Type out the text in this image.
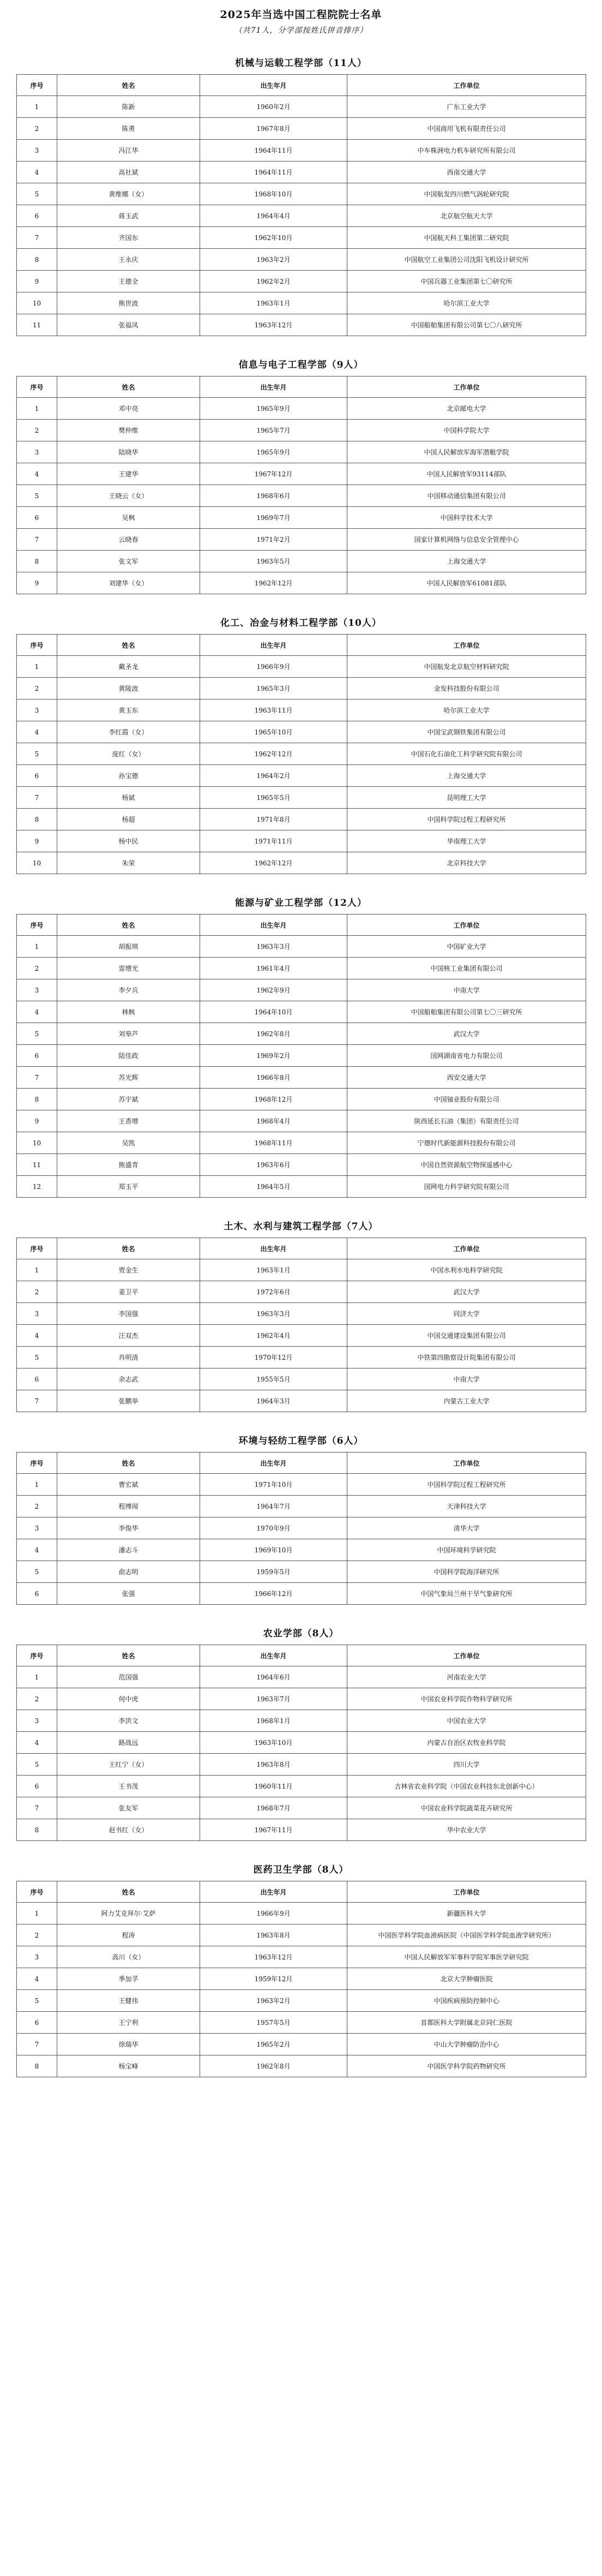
2025年当选中国工程院院士名单
（共71人，分学部按姓氏拼音排序）
机械与运载工程学部（11人）
序号	姓名	出生年月	工作单位
1	陈新	1960年2月	广东工业大学
2	陈勇	1967年8月	中国商用飞机有限责任公司
3	冯江华	1964年11月	中车株洲电力机车研究所有限公司
4	高社斌	1964年11月	西南交通大学
5	黄维娜（女）	1968年10月	中国航发四川燃气涡轮研究院
6	蒋玉武	1964年4月	北京航空航天大学
7	齐国东	1962年10月	中国航天科工集团第二研究院
8	王永庆	1963年2月	中国航空工业集团公司沈阳飞机设计研究所
9	王德全	1962年2月	中国兵器工业集团第七〇研究所
10	熊世波	1963年1月	哈尔滨工业大学
11	张福凤	1963年12月	中国船舶集团有限公司第七〇八研究所
信息与电子工程学部（9人）
序号	姓名	出生年月	工作单位
1	邓中亮	1965年9月	北京邮电大学
2	樊仲维	1965年7月	中国科学院大学
3	陆晓华	1965年9月	中国人民解放军海军潜艇学院
4	王建华	1967年12月	中国人民解放军93114部队
5	王晓云（女）	1968年6月	中国移动通信集团有限公司
6	吴枫	1969年7月	中国科学技术大学
7	云晓春	1971年2月	国家计算机网络与信息安全管理中心
8	张文军	1963年5月	上海交通大学
9	刘建华（女）	1962年12月	中国人民解放军61081部队
化工、冶金与材料工程学部（10人）
序号	姓名	出生年月	工作单位
1	戴圣龙	1966年9月	中国航发北京航空材料研究院
2	黄陵波	1965年3月	金发科技股份有限公司
3	黄玉东	1963年11月	哈尔滨工业大学
4	李红霞（女）	1965年10月	中国宝武钢铁集团有限公司
5	庞红（女）	1962年12月	中国石化石油化工科学研究院有限公司
6	孙宝德	1964年2月	上海交通大学
7	杨斌	1965年5月	昆明理工大学
8	杨超	1971年8月	中国科学院过程工程研究所
9	杨中民	1971年11月	华南理工大学
10	朱荣	1962年12月	北京科技大学
能源与矿业工程学部（12人）
序号	姓名	出生年月	工作单位
1	胡振琪	1963年3月	中国矿业大学
2	雷增光	1961年4月	中国核工业集团有限公司
3	李夕兵	1962年9月	中南大学
4	林枫	1964年10月	中国船舶集团有限公司第七〇三研究所
5	刘皋芦	1962年8月	武汉大学
6	陆佳政	1969年2月	国网湖南省电力有限公司
7	苏光辉	1966年8月	西安交通大学
8	苏宇斌	1968年12月	中国铀业股份有限公司
9	王香增	1968年4月	陕西延长石油（集团）有限责任公司
10	吴凯	1968年11月	宁德时代新能源科技股份有限公司
11	熊盛青	1963年6月	中国自然资源航空物探遥感中心
12	郑玉平	1964年5月	国网电力科学研究院有限公司
土木、水利与建筑工程学部（7人）
序号	姓名	出生年月	工作单位
1	贾金生	1963年1月	中国水利水电科学研究院
2	姜卫平	1972年6月	武汉大学
3	李国强	1963年3月	同济大学
4	汪双杰	1962年4月	中国交通建设集团有限公司
5	肖明清	1970年12月	中铁第四勘察设计院集团有限公司
6	余志武	1955年5月	中南大学
7	张鹏举	1964年3月	内蒙古工业大学
环境与轻纺工程学部（6人）
序号	姓名	出生年月	工作单位
1	曹宏斌	1971年10月	中国科学院过程工程研究所
2	程博闻	1964年7月	天津科技大学
3	李俊华	1970年9月	清华大学
4	潘志斗	1969年10月	中国环境科学研究院
5	俞志明	1959年5月	中国科学院海洋研究所
6	张强	1966年12月	中国气象局兰州干旱气象研究所
农业学部（8人）
序号	姓名	出生年月	工作单位
1	范国强	1964年6月	河南农业大学
2	何中虎	1963年7月	中国农业科学院作物科学研究所
3	李洪文	1968年1月	中国农业大学
4	路战远	1963年10月	内蒙古自治区农牧业科学院
5	王红宁（女）	1963年8月	四川大学
6	王书茂	1960年11月	吉林省农业科学院（中国农业科技东北创新中心）
7	张友军	1968年7月	中国农业科学院蔬菜花卉研究所
8	赵书红（女）	1967年11月	华中农业大学
医药卫生学部（8人）
序号	姓名	出生年月	工作单位
1	阿力艾克拜尔·艾萨	1966年9月	新疆医科大学
2	程涛	1963年8月	中国医学科学院血液病医院（中国医学科学院血液学研究所）
3	高川（女）	1963年12月	中国人民解放军军事科学院军事医学研究院
4	季加孚	1959年12月	北京大学肿瘤医院
5	王健伟	1963年2月	中国疾病预防控制中心
6	王宁利	1957年5月	首都医科大学附属北京同仁医院
7	徐瑞华	1965年2月	中山大学肿瘤防治中心
8	杨宝峰	1962年8月	中国医学科学院药物研究所
